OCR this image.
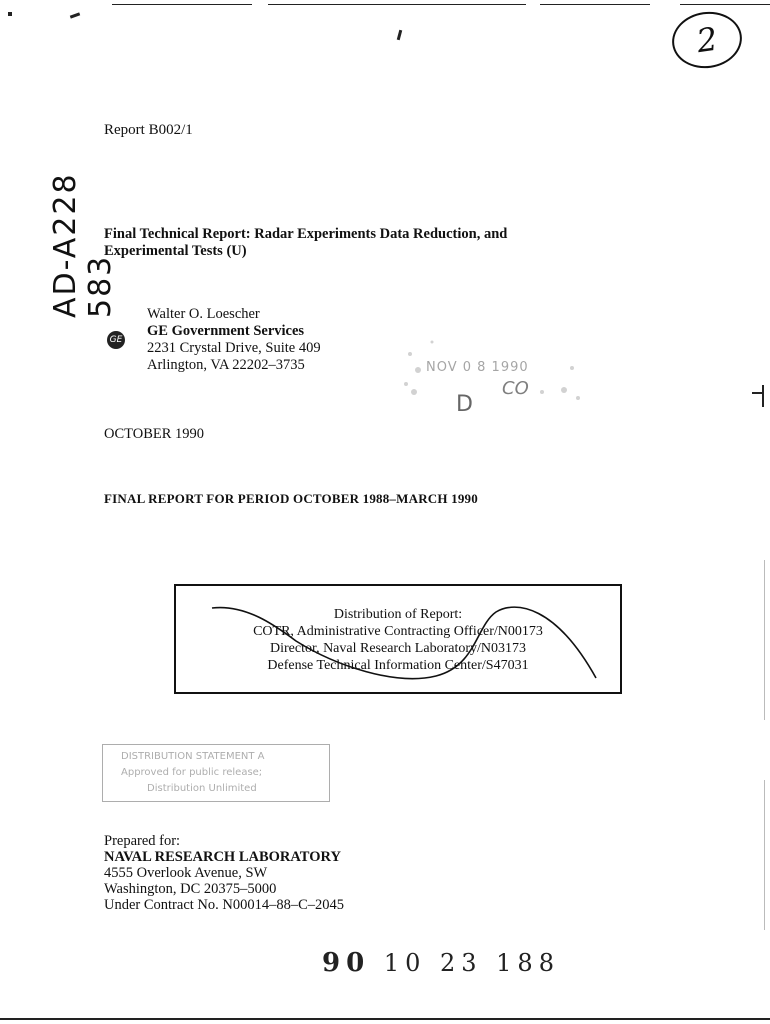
2
AD-A228 583
Report B002/1
Final Technical Report: Radar Experiments Data Reduction, and
Experimental Tests (U)
GE
Walter O. Loescher
GE Government Services
2231 Crystal Drive, Suite 409
Arlington, VA 22202–3735	NOV 0 8 1990
CO
D
OCTOBER 1990
FINAL REPORT FOR PERIOD OCTOBER 1988–MARCH 1990
Distribution of Report:
COTR, Administrative Contracting Officer/N00173
Director, Naval Research Laboratory/N03173
Defense Technical Information Center/S47031
DISTRIBUTION STATEMENT A
Approved for public release;
Distribution Unlimited
Prepared for:
NAVAL RESEARCH LABORATORY
4555 Overlook Avenue, SW
Washington, DC 20375–5000
Under Contract No. N00014–88–C–2045
90 10 23 188
